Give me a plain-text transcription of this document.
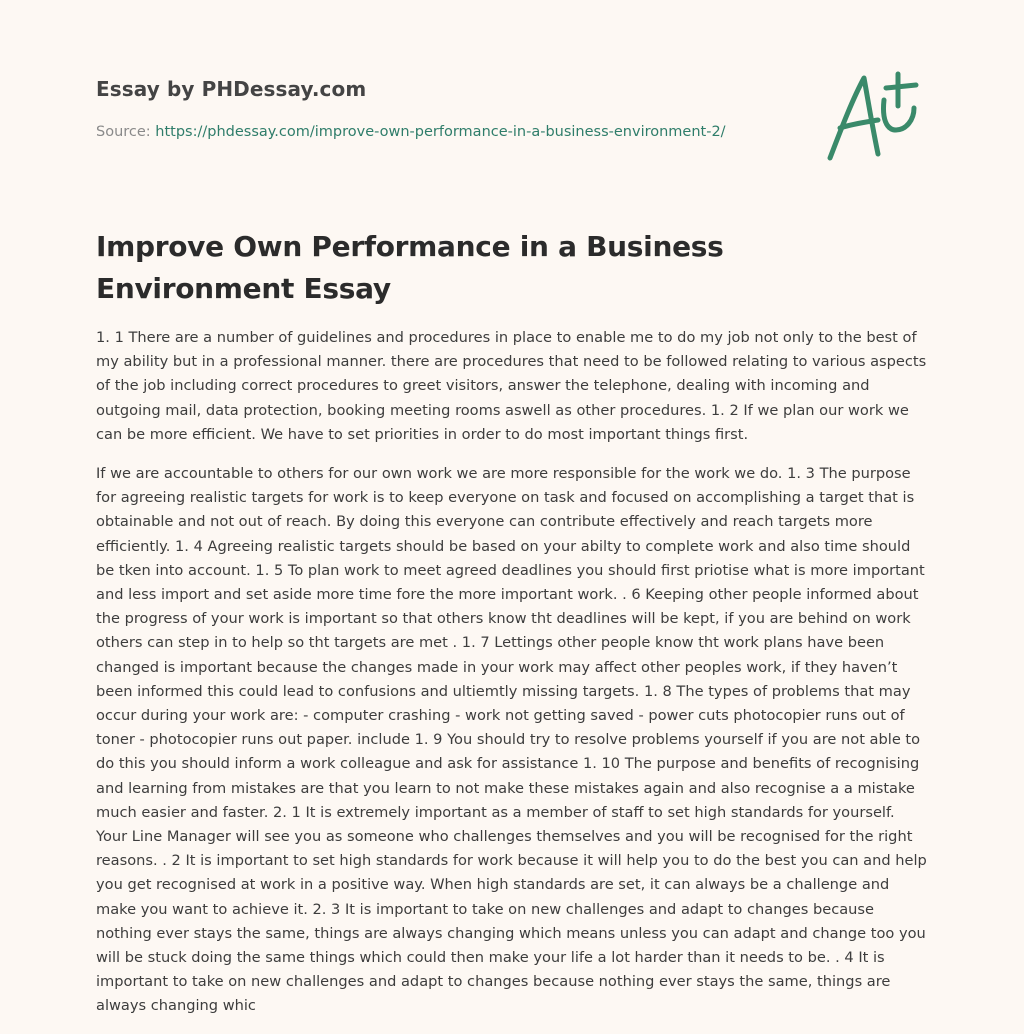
Essay by PHDessay.com
Source: https://phdessay.com/improve-own-performance-in-a-business-environment-2/
Improve Own Performance in a Business Environment Essay

1. 1 There are a number of guidelines and procedures in place to enable me to do my job not only to the best of my ability but in a professional manner. there are procedures that need to be followed relating to various aspects of the job including correct procedures to greet visitors, answer the telephone, dealing with incoming and outgoing mail, data protection, booking meeting rooms aswell as other procedures. 1. 2 If we plan our work we can be more efficient. We have to set priorities in order to do most important things first.

If we are accountable to others for our own work we are more responsible for the work we do. 1. 3 The purpose for agreeing realistic targets for work is to keep everyone on task and focused on accomplishing a target that is obtainable and not out of reach. By doing this everyone can contribute effectively and reach targets more efficiently. 1. 4 Agreeing realistic targets should be based on your abilty to complete work and also time should be tken into account. 1. 5 To plan work to meet agreed deadlines you should first priotise what is more important and less import and set aside more time fore the more important work. . 6 Keeping other people informed about the progress of your work is important so that others know tht deadlines will be kept, if you are behind on work others can step in to help so tht targets are met . 1. 7 Lettings other people know tht work plans have been changed is important because the changes made in your work may affect other peoples work, if they haven’t been informed this could lead to confusions and ultiemtly missing targets. 1. 8 The types of problems that may occur during your work are: - computer crashing - work not getting saved - power cuts photocopier runs out of toner - photocopier runs out paper. include 1. 9 You should try to resolve problems yourself if you are not able to do this you should inform a work colleague and ask for assistance 1. 10 The purpose and benefits of recognising and learning from mistakes are that you learn to not make these mistakes again and also recognise a a mistake much easier and faster. 2. 1 It is extremely important as a member of staff to set high standards for yourself. Your Line Manager will see you as someone who challenges themselves and you will be recognised for the right reasons. . 2 It is important to set high standards for work because it will help you to do the best you can and help you get recognised at work in a positive way. When high standards are set, it can always be a challenge and make you want to achieve it. 2. 3 It is important to take on new challenges and adapt to changes because nothing ever stays the same, things are always changing which means unless you can adapt and change too you will be stuck doing the same things which could then make your life a lot harder than it needs to be. . 4 It is important to take on new challenges and adapt to changes because nothing ever stays the same, things are always changing whic
